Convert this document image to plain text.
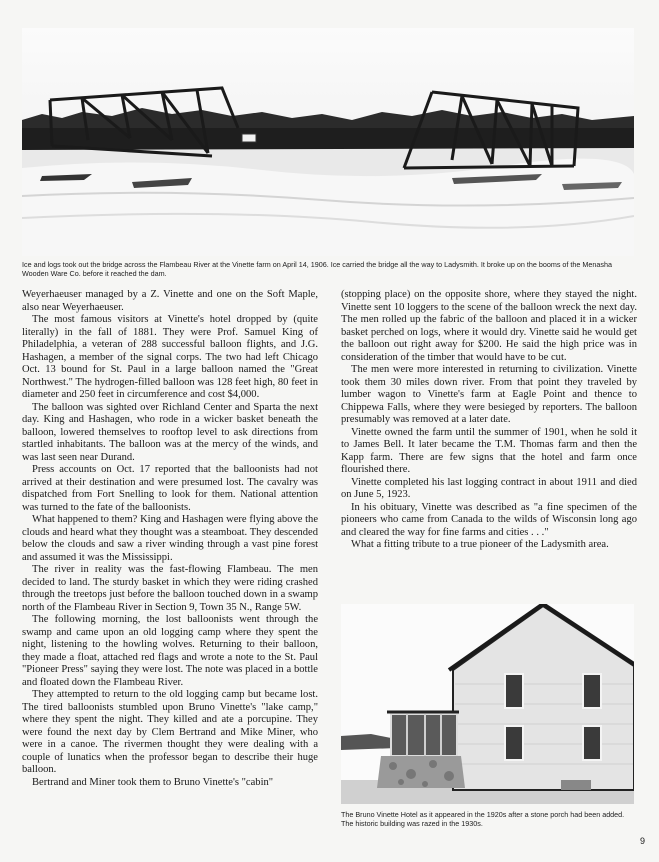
Ice and logs took out the bridge across the Flambeau River at the Vinette farm on April 14, 1906. Ice carried the bridge all the way to Ladysmith. It broke up on the booms of the Menasha Wooden Ware Co. before it reached the dam.

Weyerhaeuser managed by a Z. Vinette and one on the Soft Maple, also near Weyerhaeuser.

The most famous visitors at Vinette's hotel dropped by (quite literally) in the fall of 1881. They were Prof. Samuel King of Philadelphia, a veteran of 288 successful balloon flights, and J.G. Hashagen, a member of the signal corps. The two had left Chicago Oct. 13 bound for St. Paul in a large balloon named the "Great Northwest." The hydrogen-filled balloon was 128 feet high, 80 feet in diameter and 250 feet in circumference and cost $4,000.

The balloon was sighted over Richland Center and Sparta the next day. King and Hashagen, who rode in a wicker basket beneath the balloon, lowered themselves to rooftop level to ask directions from startled inhabitants. The balloon was at the mercy of the winds, and was last seen near Durand.

Press accounts on Oct. 17 reported that the balloonists had not arrived at their destination and were presumed lost. The cavalry was dispatched from Fort Snelling to look for them. National attention was turned to the fate of the balloonists.

What happened to them? King and Hashagen were flying above the clouds and heard what they thought was a steamboat. They descended below the clouds and saw a river winding through a vast pine forest and assumed it was the Mississippi.

The river in reality was the fast-flowing Flambeau. The men decided to land. The sturdy basket in which they were riding crashed through the treetops just before the balloon touched down in a swamp north of the Flambeau River in Section 9, Town 35 N., Range 5W.

The following morning, the lost balloonists went through the swamp and came upon an old logging camp where they spent the night, listening to the howling wolves. Returning to their balloon, they made a float, attached red flags and wrote a note to the St. Paul "Pioneer Press" saying they were lost. The note was placed in a bottle and floated down the Flambeau River.

They attempted to return to the old logging camp but became lost. The tired balloonists stumbled upon Bruno Vinette's "lake camp," where they spent the night. They killed and ate a porcupine. They were found the next day by Clem Bertrand and Mike Miner, who were in a canoe. The rivermen thought they were dealing with a couple of lunatics when the professor began to describe their huge balloon.

Bertrand and Miner took them to Bruno Vinette's "cabin"

(stopping place) on the opposite shore, where they stayed the night. Vinette sent 10 loggers to the scene of the balloon wreck the next day. The men rolled up the fabric of the balloon and placed it in a wicker basket perched on logs, where it would dry. Vinette said he would get the balloon out right away for $200. He said the high price was in consideration of the timber that would have to be cut.

The men were more interested in returning to civilization. Vinette took them 30 miles down river. From that point they traveled by lumber wagon to Vinette's farm at Eagle Point and thence to Chippewa Falls, where they were besieged by reporters. The balloon presumably was removed at a later date.

Vinette owned the farm until the summer of 1901, when he sold it to James Bell. It later became the T.M. Thomas farm and then the Kapp farm. There are few signs that the hotel and farm once flourished there.

Vinette completed his last logging contract in about 1911 and died on June 5, 1923.

In his obituary, Vinette was described as "a fine specimen of the pioneers who came from Canada to the wilds of Wisconsin long ago and cleared the way for fine farms and cities . . ."

What a fitting tribute to a true pioneer of the Ladysmith area.

The Bruno Vinette Hotel as it appeared in the 1920s after a stone porch had been added. The historic building was razed in the 1930s.
9
